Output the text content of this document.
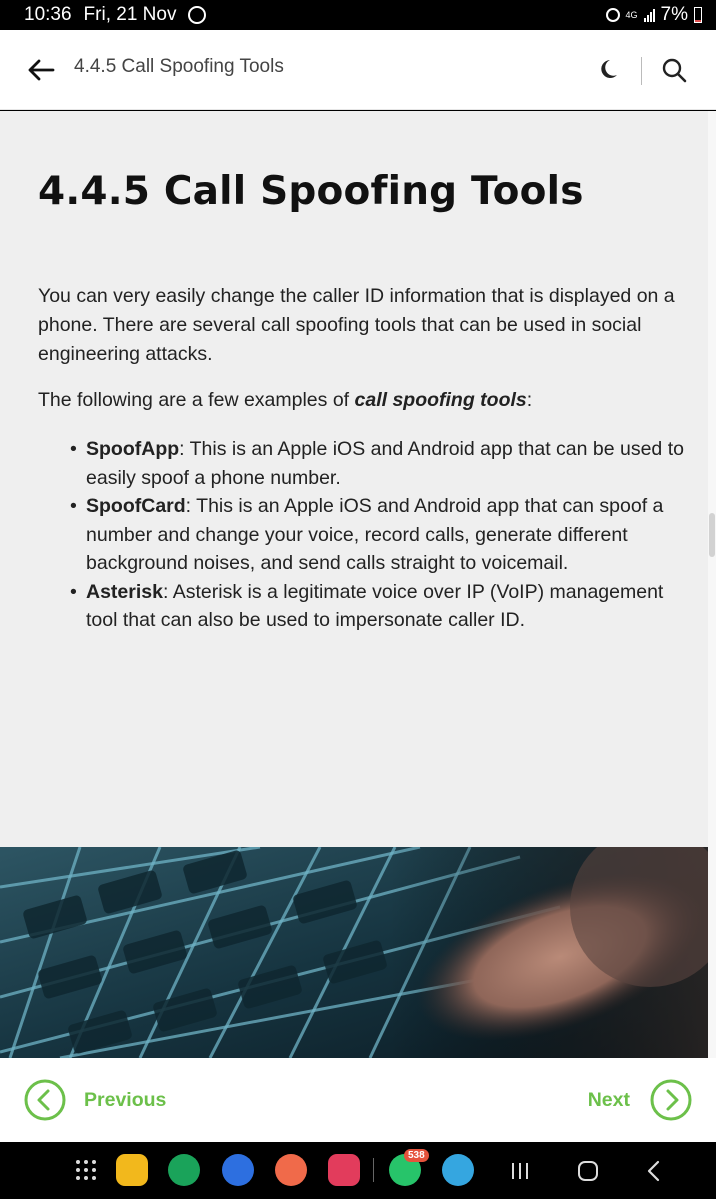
10:36 Fri, 21 Nov	4G 7%
4.4.5 Call Spoofing Tools
4.4.5 Call Spoofing Tools

You can very easily change the caller ID information that is displayed on a phone. There are several call spoofing tools that can be used in social engineering attacks.

The following are a few examples of call spoofing tools:

• SpoofApp: This is an Apple iOS and Android app that can be used to easily spoof a phone number.
• SpoofCard: This is an Apple iOS and Android app that can spoof a number and change your voice, record calls, generate different background noises, and send calls straight to voicemail.
• Asterisk: Asterisk is a legitimate voice over IP (VoIP) management tool that can also be used to impersonate caller ID.
Previous	Next
538
